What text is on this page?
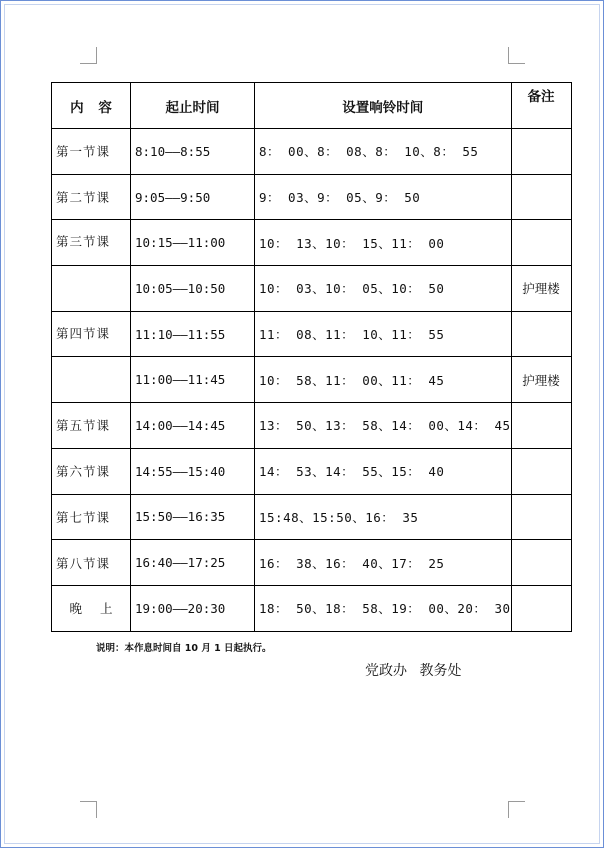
内 容	起止时间	设置响铃时间	备注
第一节课	8:10——8:55	8： 00、8： 08、8： 10、8： 55	
第二节课	9:05——9:50	9： 03、9： 05、9： 50	
第三节课	10:15——11:00	10： 13、10： 15、11： 00	
	10:05——10:50	10： 03、10： 05、10： 50	护理楼
第四节课	11:10——11:55	11： 08、11： 10、11： 55	
	11:00——11:45	10： 58、11： 00、11： 45	护理楼
第五节课	14:00——14:45	13： 50、13： 58、14： 00、14： 45	
第六节课	14:55——15:40	14： 53、14： 55、15： 40	
第七节课	15:50——16:35	15:48、15:50、16： 35	
第八节课	16:40——17:25	16： 38、16： 40、17： 25	
晚 上	19:00——20:30	18： 50、18： 58、19： 00、20： 30	
说明：本作息时间自 10 月 1 日起执行。
党政办 教务处
